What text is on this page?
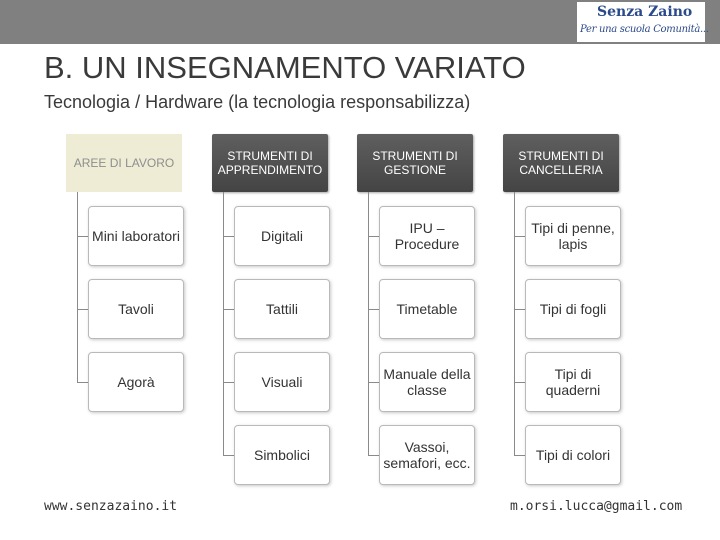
Senza Zaino
Per una scuola Comunità...
B. UN INSEGNAMENTO VARIATO
Tecnologia / Hardware (la tecnologia responsabilizza)
AREE DI LAVORO
Mini laboratori
Tavoli
Agorà
STRUMENTI DI APPRENDIMENTO
Digitali
Tattili
Visuali
Simbolici
STRUMENTI DI GESTIONE
IPU – Procedure
Timetable
Manuale della classe
Vassoi, semafori, ecc.
STRUMENTI DI CANCELLERIA
Tipi di penne, lapis
Tipi di fogli
Tipi di quaderni
Tipi di colori
www.senzazaino.it	m.orsi.lucca@gmail.com
